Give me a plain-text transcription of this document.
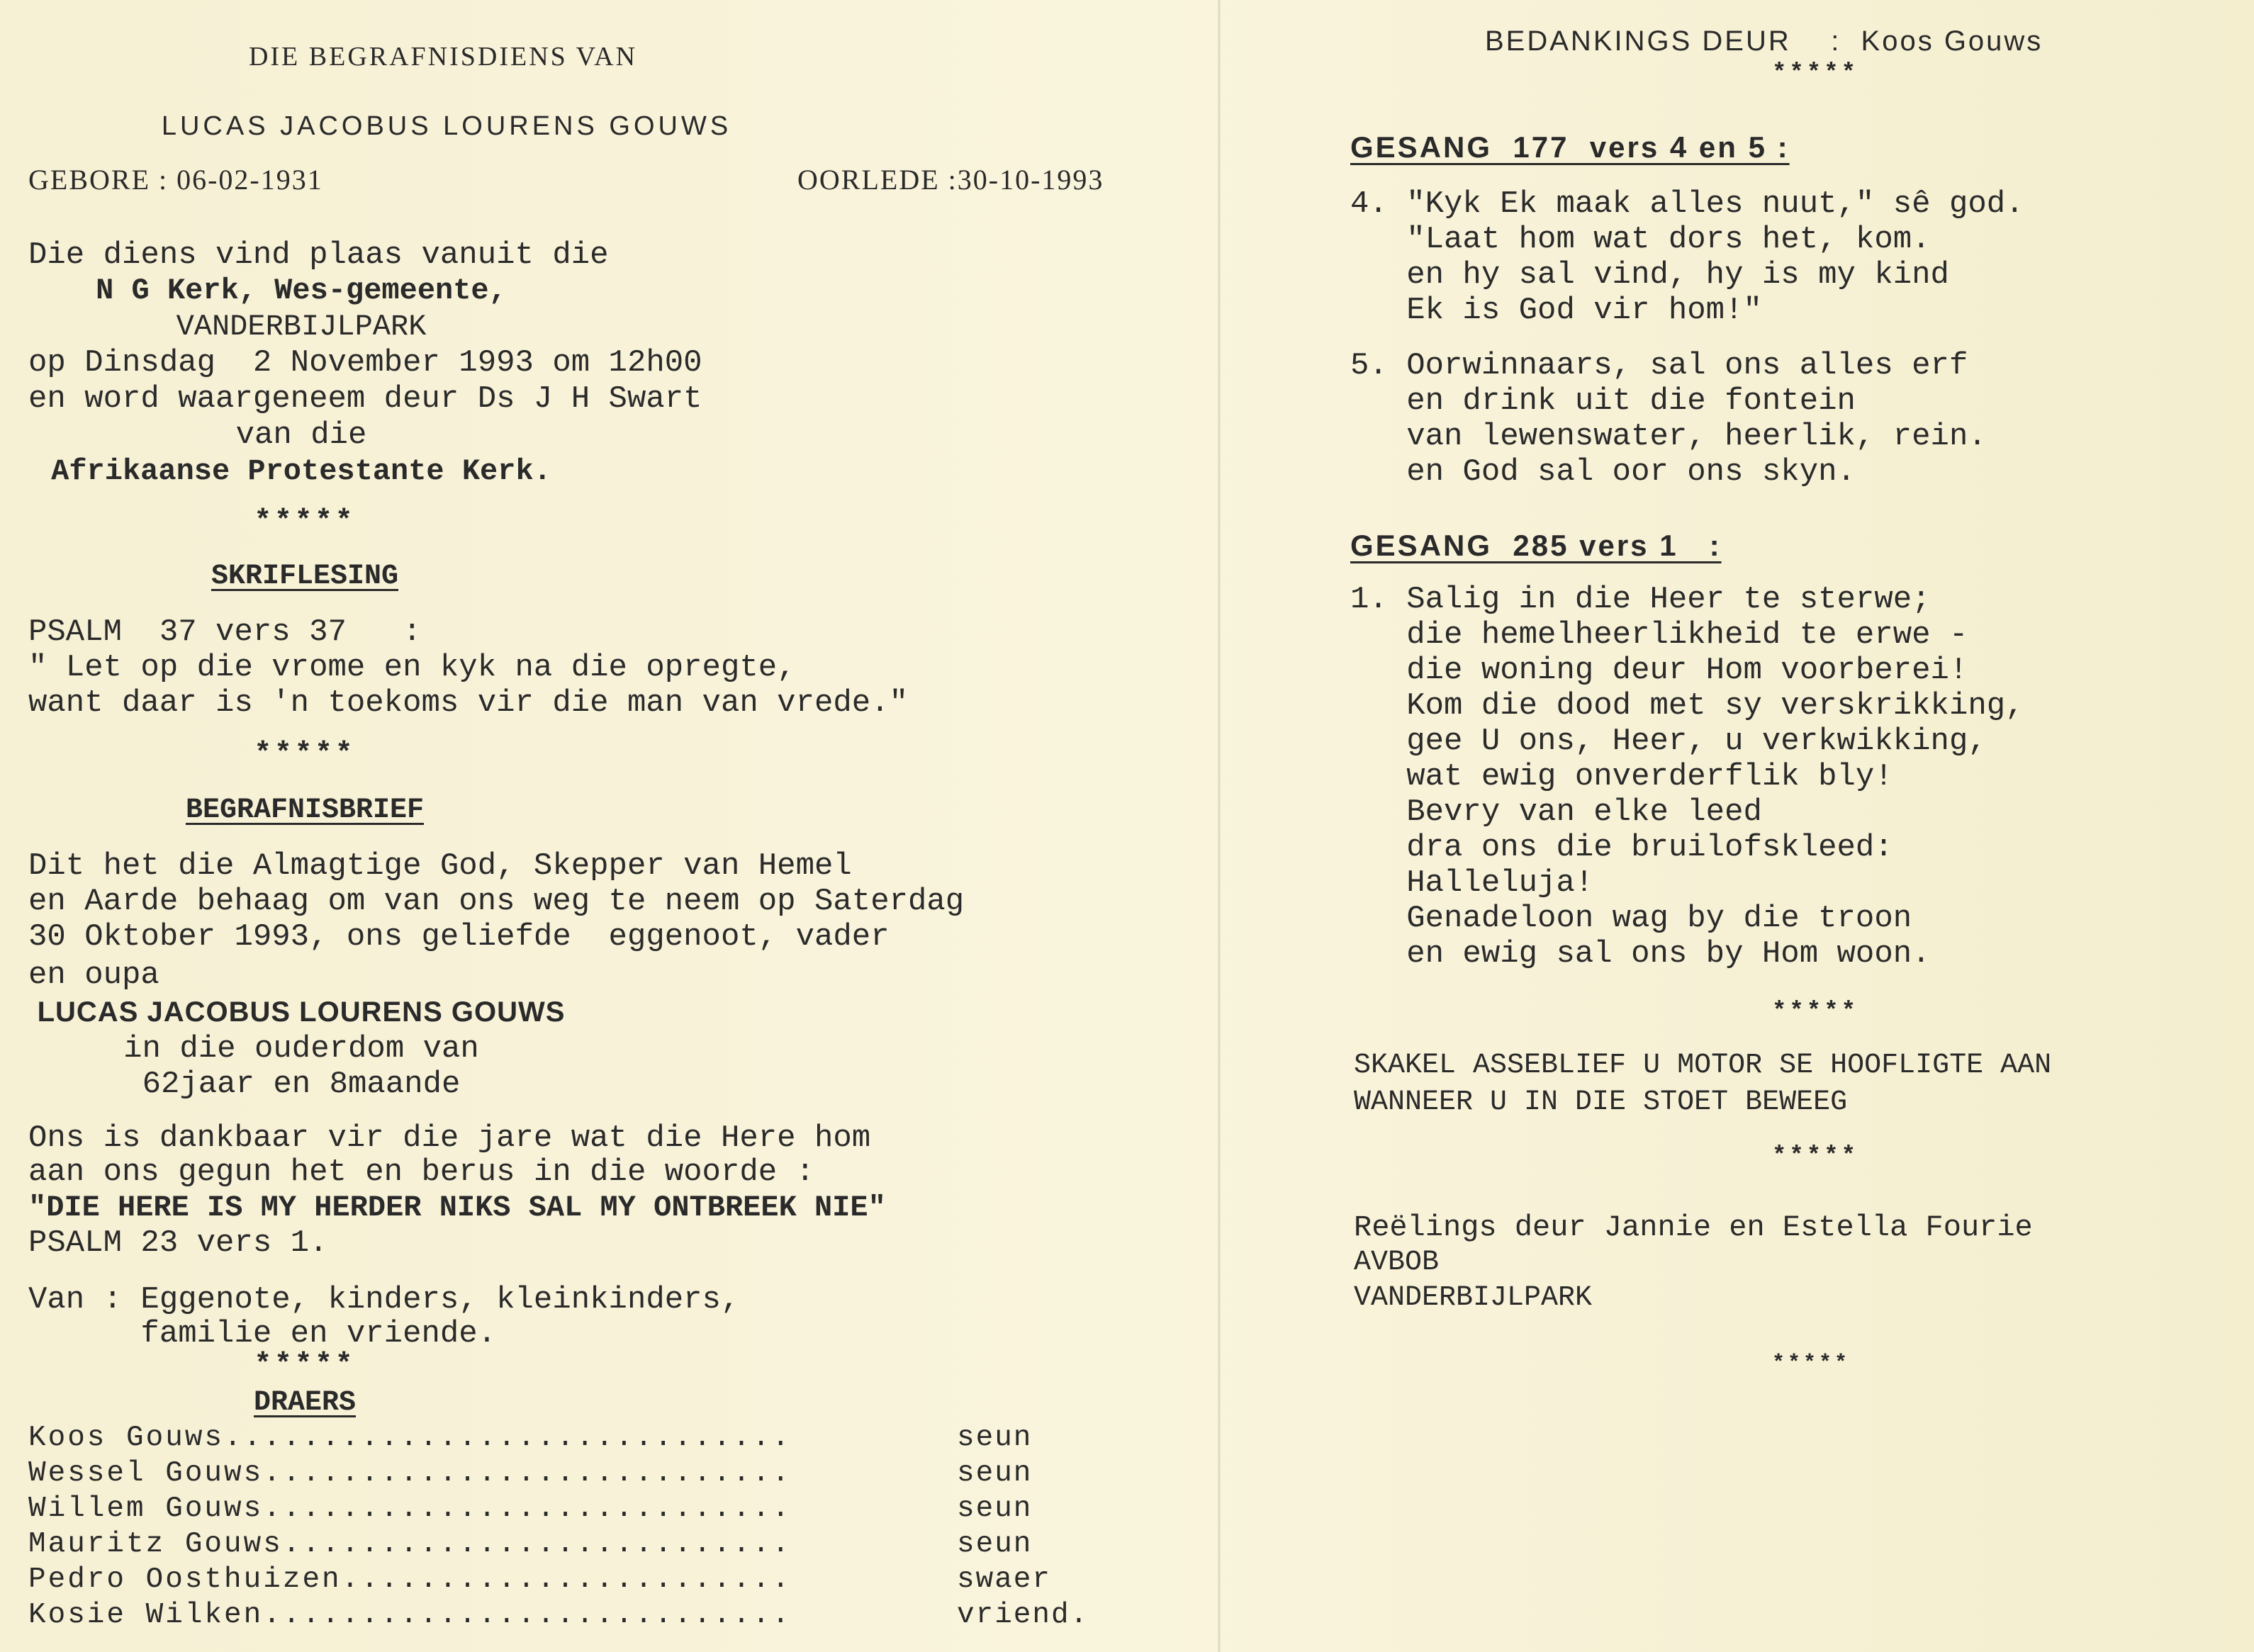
DIE BEGRAFNISDIENS VAN
LUCAS JACOBUS LOURENS GOUWS
GEBORE : 06-02-1931	OORLEDE :30-10-1993
Die diens vind plaas vanuit die
N G Kerk, Wes-gemeente,
VANDERBIJLPARK
op Dinsdag  2 November 1993 om 12h00
en word waargeneem deur Ds J H Swart
van die
Afrikaanse Protestante Kerk.
*****
SKRIFLESING
PSALM  37 vers 37   :
" Let op die vrome en kyk na die opregte,
want daar is 'n toekoms vir die man van vrede."
*****
BEGRAFNISBRIEF
Dit het die Almagtige God, Skepper van Hemel
en Aarde behaag om van ons weg te neem op Saterdag
30 Oktober 1993, ons geliefde  eggenoot, vader
en oupa
LUCAS JACOBUS LOURENS GOUWS
in die ouderdom van
62jaar en 8maande
Ons is dankbaar vir die jare wat die Here hom
aan ons gegun het en berus in die woorde :
"DIE HERE IS MY HERDER NIKS SAL MY ONTBREEK NIE"
PSALM 23 vers 1.
Van : Eggenote, kinders, kleinkinders,
familie en vriende.
*****
DRAERS
Koos Gouws.............................	seun
Wessel Gouws...........................	seun
Willem Gouws...........................	seun
Mauritz Gouws..........................	seun
Pedro Oosthuizen.......................	swaer
Kosie Wilken...........................	vriend.
BEDANKINGS DEUR    :  Koos Gouws
*****
GESANG  177  vers 4 en 5 :
4. "Kyk Ek maak alles nuut," sê god.
"Laat hom wat dors het, kom.
en hy sal vind, hy is my kind
Ek is God vir hom!"
5. Oorwinnaars, sal ons alles erf
en drink uit die fontein
van lewenswater, heerlik, rein.
en God sal oor ons skyn.
GESANG  285 vers 1   :
1. Salig in die Heer te sterwe;
die hemelheerlikheid te erwe -
die woning deur Hom voorberei!
Kom die dood met sy verskrikking,
gee U ons, Heer, u verkwikking,
wat ewig onverderflik bly!
Bevry van elke leed
dra ons die bruilofskleed:
Halleluja!
Genadeloon wag by die troon
en ewig sal ons by Hom woon.
*****
SKAKEL ASSEBLIEF U MOTOR SE HOOFLIGTE AAN
WANNEER U IN DIE STOET BEWEEG
*****
Reëlings deur Jannie en Estella Fourie
AVBOB
VANDERBIJLPARK
*****
